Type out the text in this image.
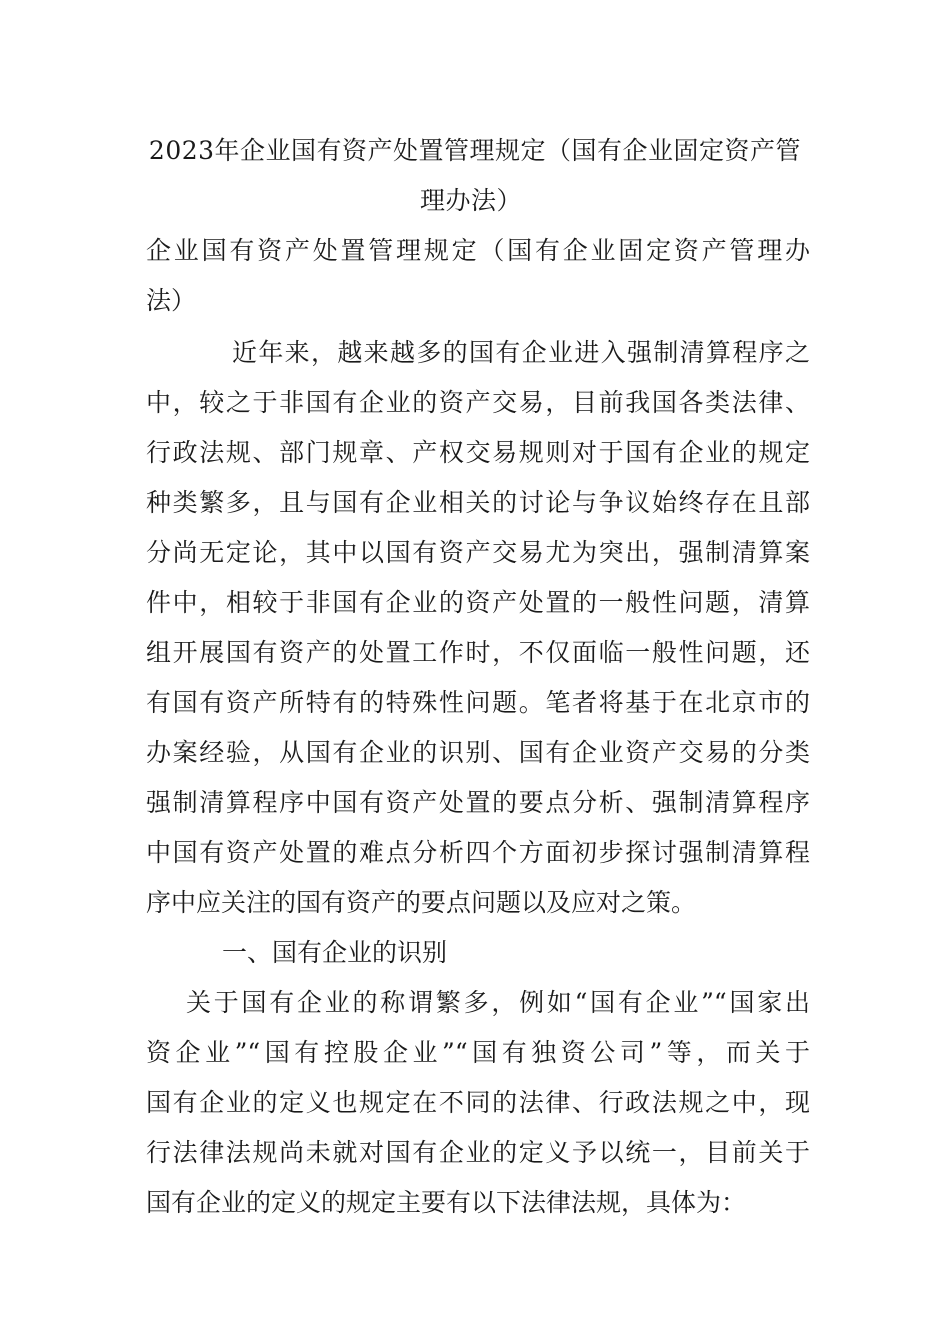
2023年企业国有资产处置管理规定（国有企业固定资产管
理办法）
企业国有资产处置管理规定（国有企业固定资产管理办
法）
近年来，越来越多的国有企业进入强制清算程序之
中，较之于非国有企业的资产交易，目前我国各类法律、
行政法规、部门规章、产权交易规则对于国有企业的规定
种类繁多，且与国有企业相关的讨论与争议始终存在且部
分尚无定论，其中以国有资产交易尤为突出，强制清算案
件中，相较于非国有企业的资产处置的一般性问题，清算
组开展国有资产的处置工作时，不仅面临一般性问题，还
有国有资产所特有的特殊性问题。笔者将基于在北京市的
办案经验，从国有企业的识别、国有企业资产交易的分类
强制清算程序中国有资产处置的要点分析、强制清算程序
中国有资产处置的难点分析四个方面初步探讨强制清算程
序中应关注的国有资产的要点问题以及应对之策。
一、国有企业的识别
关于国有企业的称谓繁多，例如“国有企业”“国家出
资企业”“国有控股企业”“国有独资公司”等，而关于
国有企业的定义也规定在不同的法律、行政法规之中，现
行法律法规尚未就对国有企业的定义予以统一，目前关于
国有企业的定义的规定主要有以下法律法规，具体为：
